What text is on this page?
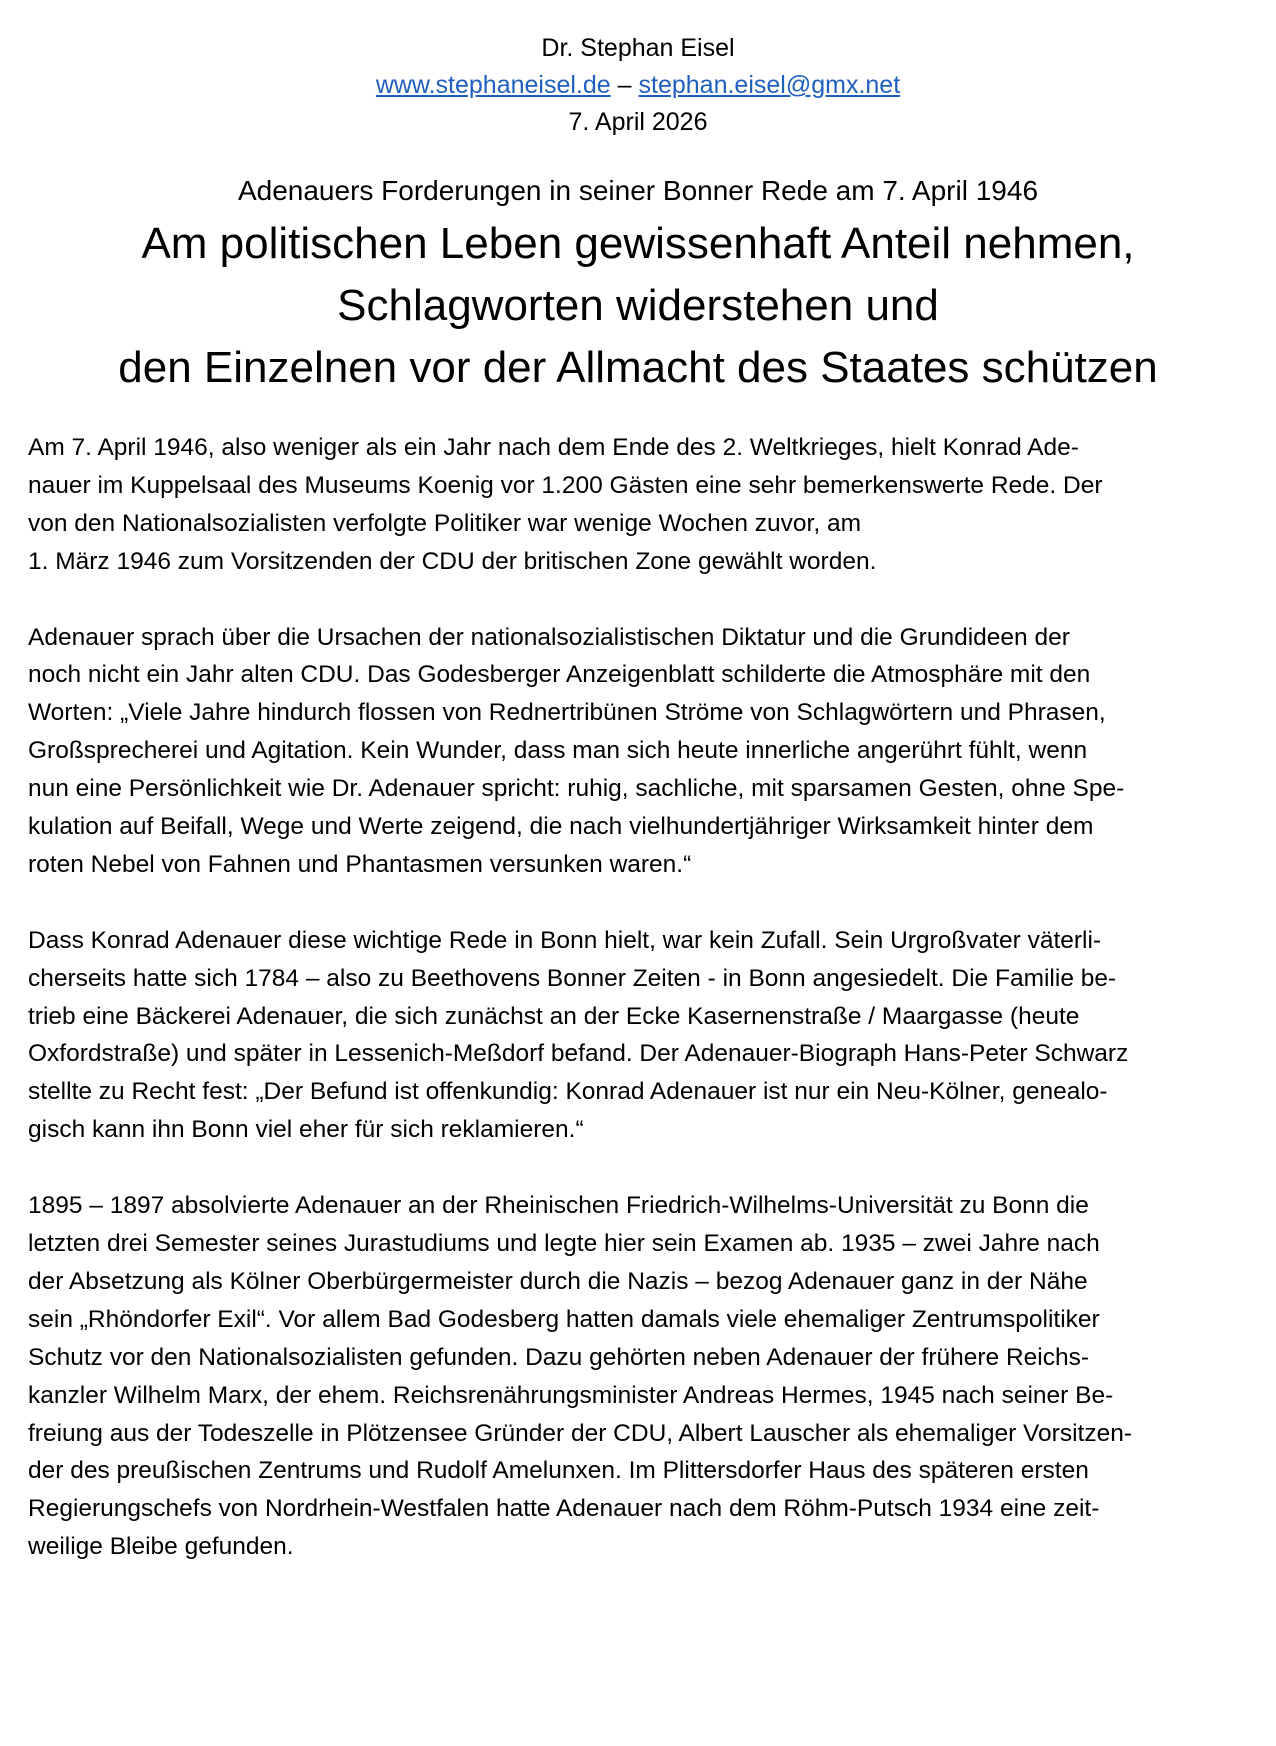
Dr. Stephan Eisel
www.stephaneisel.de – stephan.eisel@gmx.net
7. April 2026
Adenauers Forderungen in seiner Bonner Rede am 7. April 1946
Am politischen Leben gewissenhaft Anteil nehmen,
Schlagworten widerstehen und
den Einzelnen vor der Allmacht des Staates schützen
Am 7. April 1946, also weniger als ein Jahr nach dem Ende des 2. Weltkrieges, hielt Konrad Ade-
nauer im Kuppelsaal des Museums Koenig vor 1.200 Gästen eine sehr bemerkenswerte Rede. Der
von den Nationalsozialisten verfolgte Politiker war wenige Wochen zuvor, am
1. März 1946 zum Vorsitzenden der CDU der britischen Zone gewählt worden.
Adenauer sprach über die Ursachen der nationalsozialistischen Diktatur und die Grundideen der
noch nicht ein Jahr alten CDU. Das Godesberger Anzeigenblatt schilderte die Atmosphäre mit den
Worten: „Viele Jahre hindurch flossen von Rednertribünen Ströme von Schlagwörtern und Phrasen,
Großsprecherei und Agitation. Kein Wunder, dass man sich heute innerliche angerührt fühlt, wenn
nun eine Persönlichkeit wie Dr. Adenauer spricht: ruhig, sachliche, mit sparsamen Gesten, ohne Spe-
kulation auf Beifall, Wege und Werte zeigend, die nach vielhundertjähriger Wirksamkeit hinter dem
roten Nebel von Fahnen und Phantasmen versunken waren.“
Dass Konrad Adenauer diese wichtige Rede in Bonn hielt, war kein Zufall. Sein Urgroßvater väterli-
cherseits hatte sich 1784 – also zu Beethovens Bonner Zeiten - in Bonn angesiedelt. Die Familie be-
trieb eine Bäckerei Adenauer, die sich zunächst an der Ecke Kasernenstraße / Maargasse (heute
Oxfordstraße) und später in Lessenich-Meßdorf befand. Der Adenauer-Biograph Hans-Peter Schwarz
stellte zu Recht fest: „Der Befund ist offenkundig: Konrad Adenauer ist nur ein Neu-Kölner, genealo-
gisch kann ihn Bonn viel eher für sich reklamieren.“
1895 – 1897 absolvierte Adenauer an der Rheinischen Friedrich-Wilhelms-Universität zu Bonn die
letzten drei Semester seines Jurastudiums und legte hier sein Examen ab. 1935 – zwei Jahre nach
der Absetzung als Kölner Oberbürgermeister durch die Nazis – bezog Adenauer ganz in der Nähe
sein „Rhöndorfer Exil“. Vor allem Bad Godesberg hatten damals viele ehemaliger Zentrumspolitiker
Schutz vor den Nationalsozialisten gefunden. Dazu gehörten neben Adenauer der frühere Reichs-
kanzler Wilhelm Marx, der ehem. Reichsrenährungsminister Andreas Hermes, 1945 nach seiner Be-
freiung aus der Todeszelle in Plötzensee Gründer der CDU, Albert Lauscher als ehemaliger Vorsitzen-
der des preußischen Zentrums und Rudolf Amelunxen. Im Plittersdorfer Haus des späteren ersten
Regierungschefs von Nordrhein-Westfalen hatte Adenauer nach dem Röhm-Putsch 1934 eine zeit-
weilige Bleibe gefunden.
